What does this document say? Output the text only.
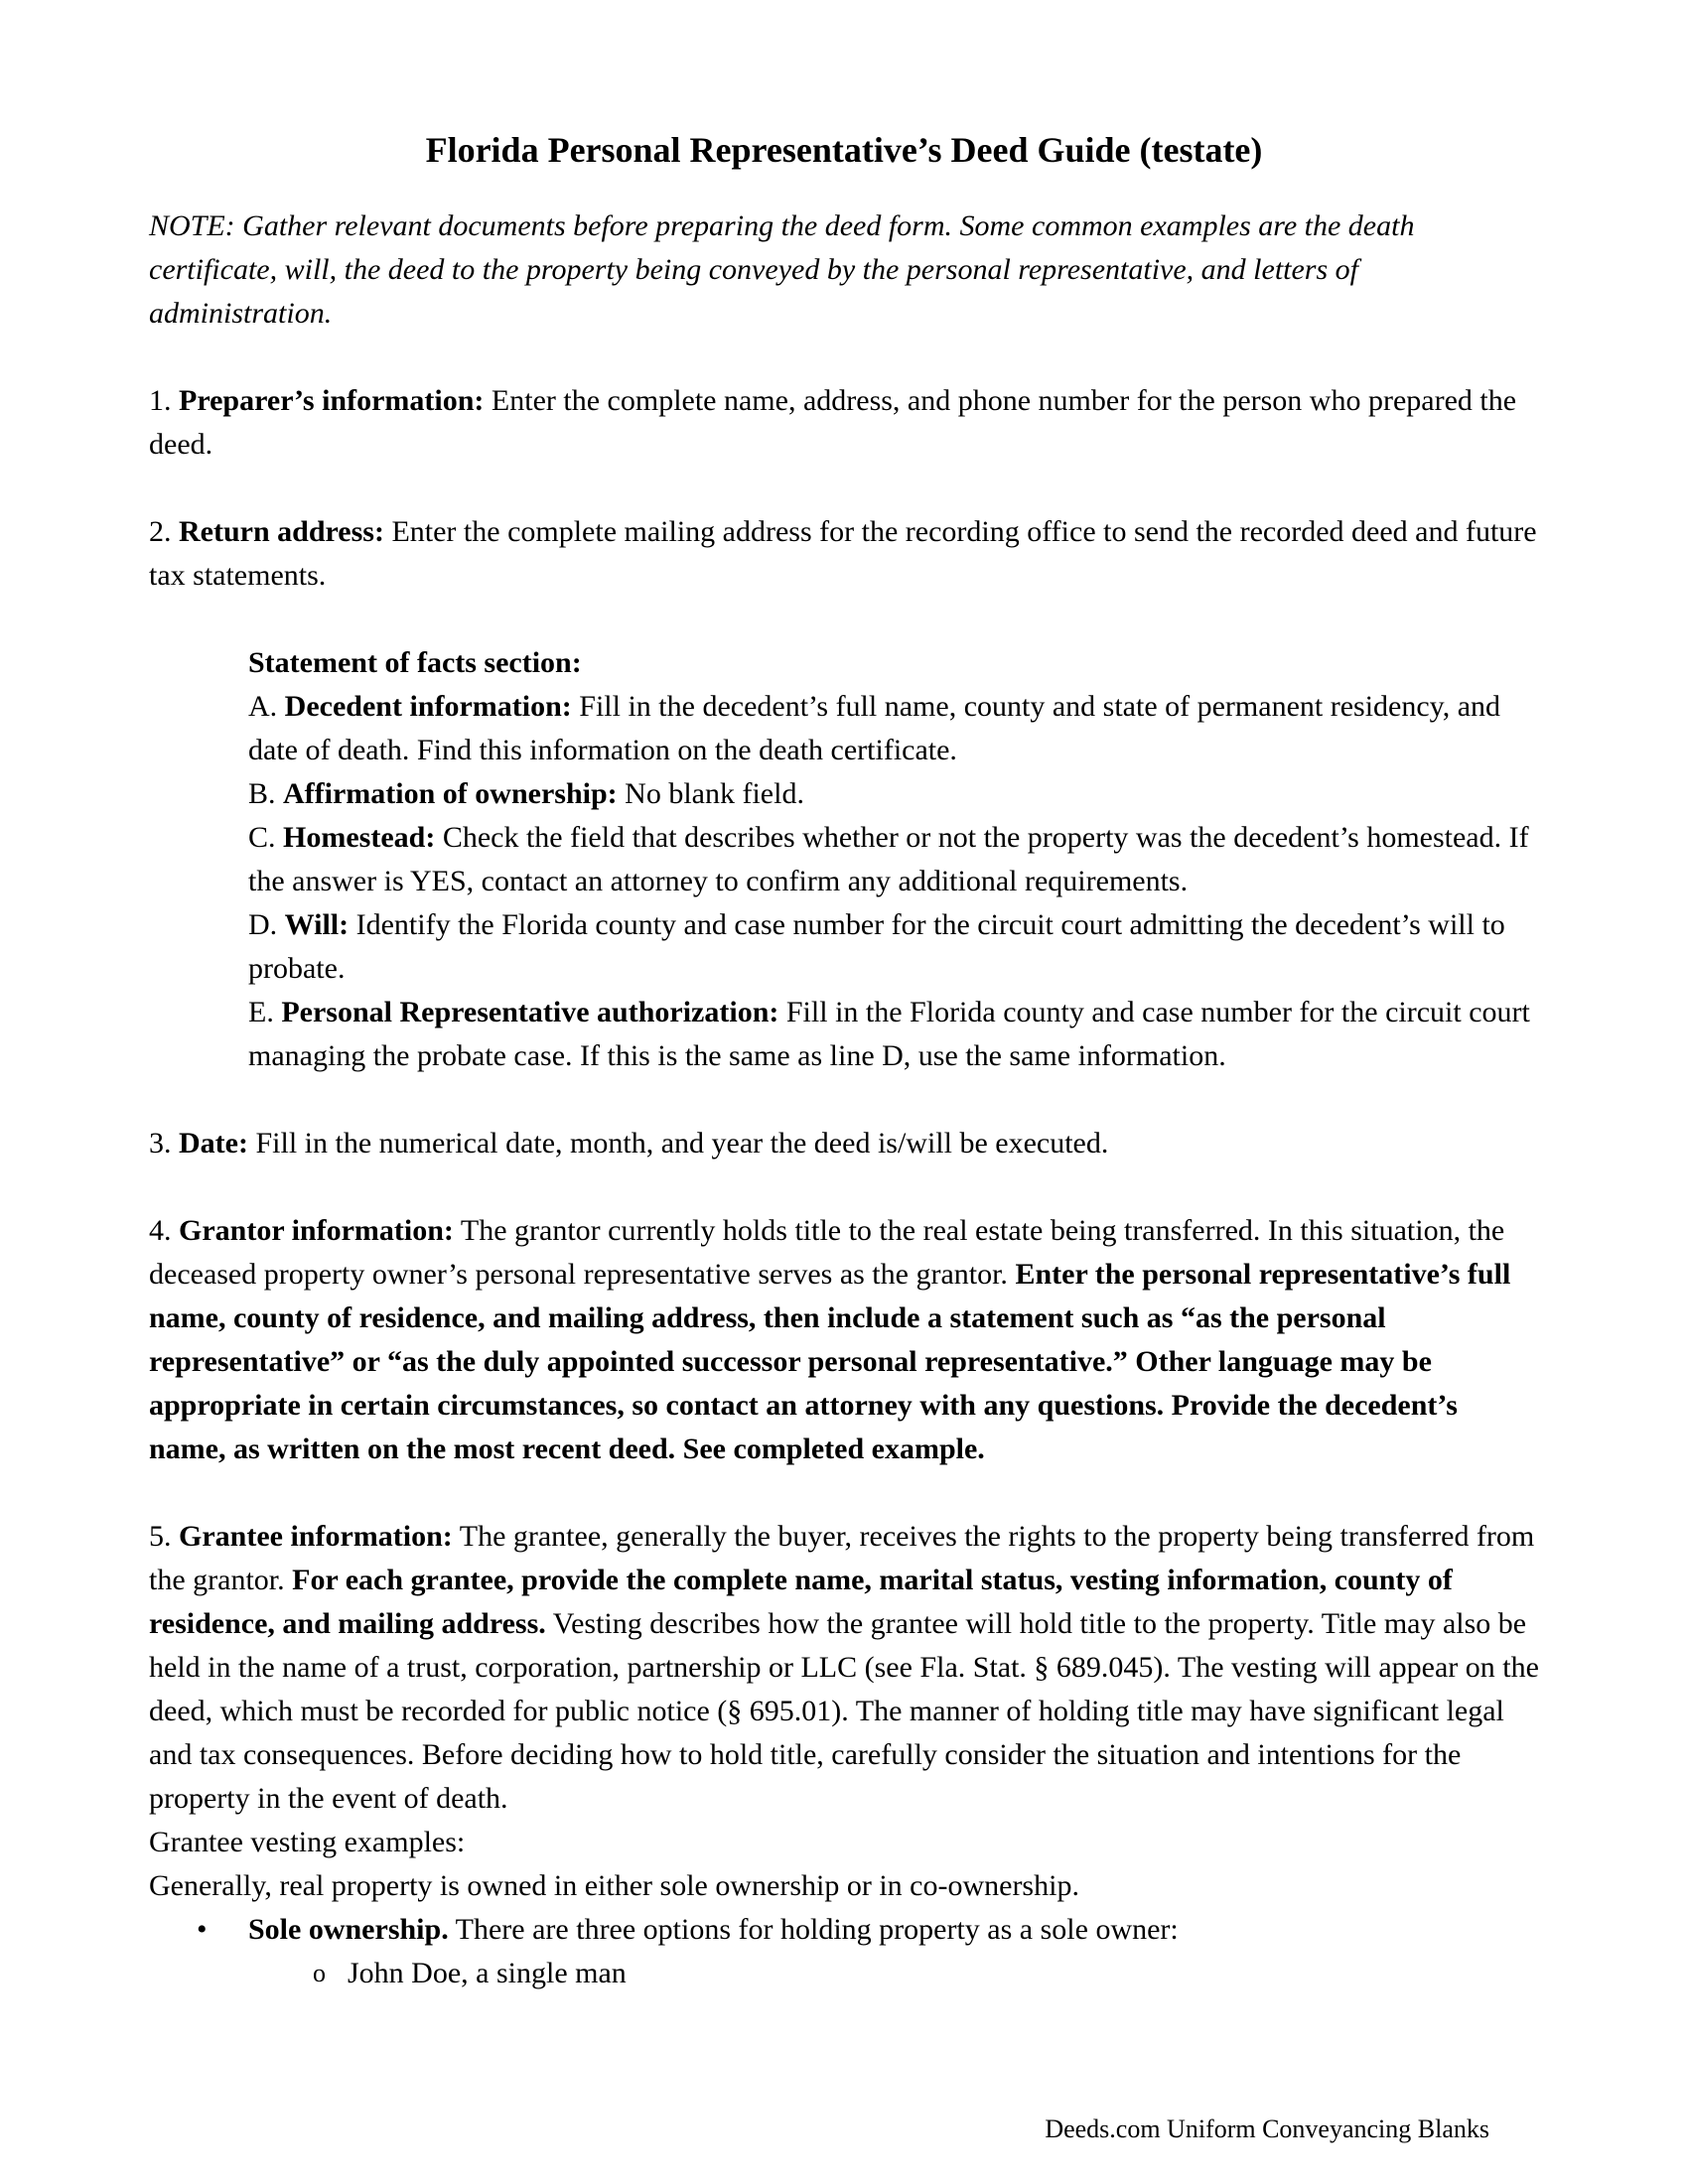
Florida Personal Representative’s Deed Guide (testate)

NOTE: Gather relevant documents before preparing the deed form. Some common examples are the death certificate, will, the deed to the property being conveyed by the personal representative, and letters of administration.

1. Preparer’s information: Enter the complete name, address, and phone number for the person who prepared the deed.

2. Return address: Enter the complete mailing address for the recording office to send the recorded deed and future tax statements.

Statement of facts section:

A. Decedent information: Fill in the decedent’s full name, county and state of permanent residency, and date of death. Find this information on the death certificate.

B. Affirmation of ownership: No blank field.

C. Homestead: Check the field that describes whether or not the property was the decedent’s homestead. If the answer is YES, contact an attorney to confirm any additional requirements.

D. Will: Identify the Florida county and case number for the circuit court admitting the decedent’s will to probate.

E. Personal Representative authorization: Fill in the Florida county and case number for the circuit court managing the probate case. If this is the same as line D, use the same information.

3. Date: Fill in the numerical date, month, and year the deed is/will be executed.

4. Grantor information: The grantor currently holds title to the real estate being transferred. In this situation, the deceased property owner’s personal representative serves as the grantor. Enter the personal representative’s full name, county of residence, and mailing address, then include a statement such as “as the personal representative” or “as the duly appointed successor personal representative.” Other language may be appropriate in certain circumstances, so contact an attorney with any questions. Provide the decedent’s name, as written on the most recent deed. See completed example.

5. Grantee information: The grantee, generally the buyer, receives the rights to the property being transferred from the grantor. For each grantee, provide the complete name, marital status, vesting information, county of residence, and mailing address. Vesting describes how the grantee will hold title to the property. Title may also be held in the name of a trust, corporation, partnership or LLC (see Fla. Stat. § 689.045). The vesting will appear on the deed, which must be recorded for public notice (§ 695.01). The manner of holding title may have significant legal and tax consequences. Before deciding how to hold title, carefully consider the situation and intentions for the property in the event of death.

Grantee vesting examples:

Generally, real property is owned in either sole ownership or in co-ownership.

• Sole ownership. There are three options for holding property as a sole owner:
o John Doe, a single man
Deeds.com Uniform Conveyancing Blanks
